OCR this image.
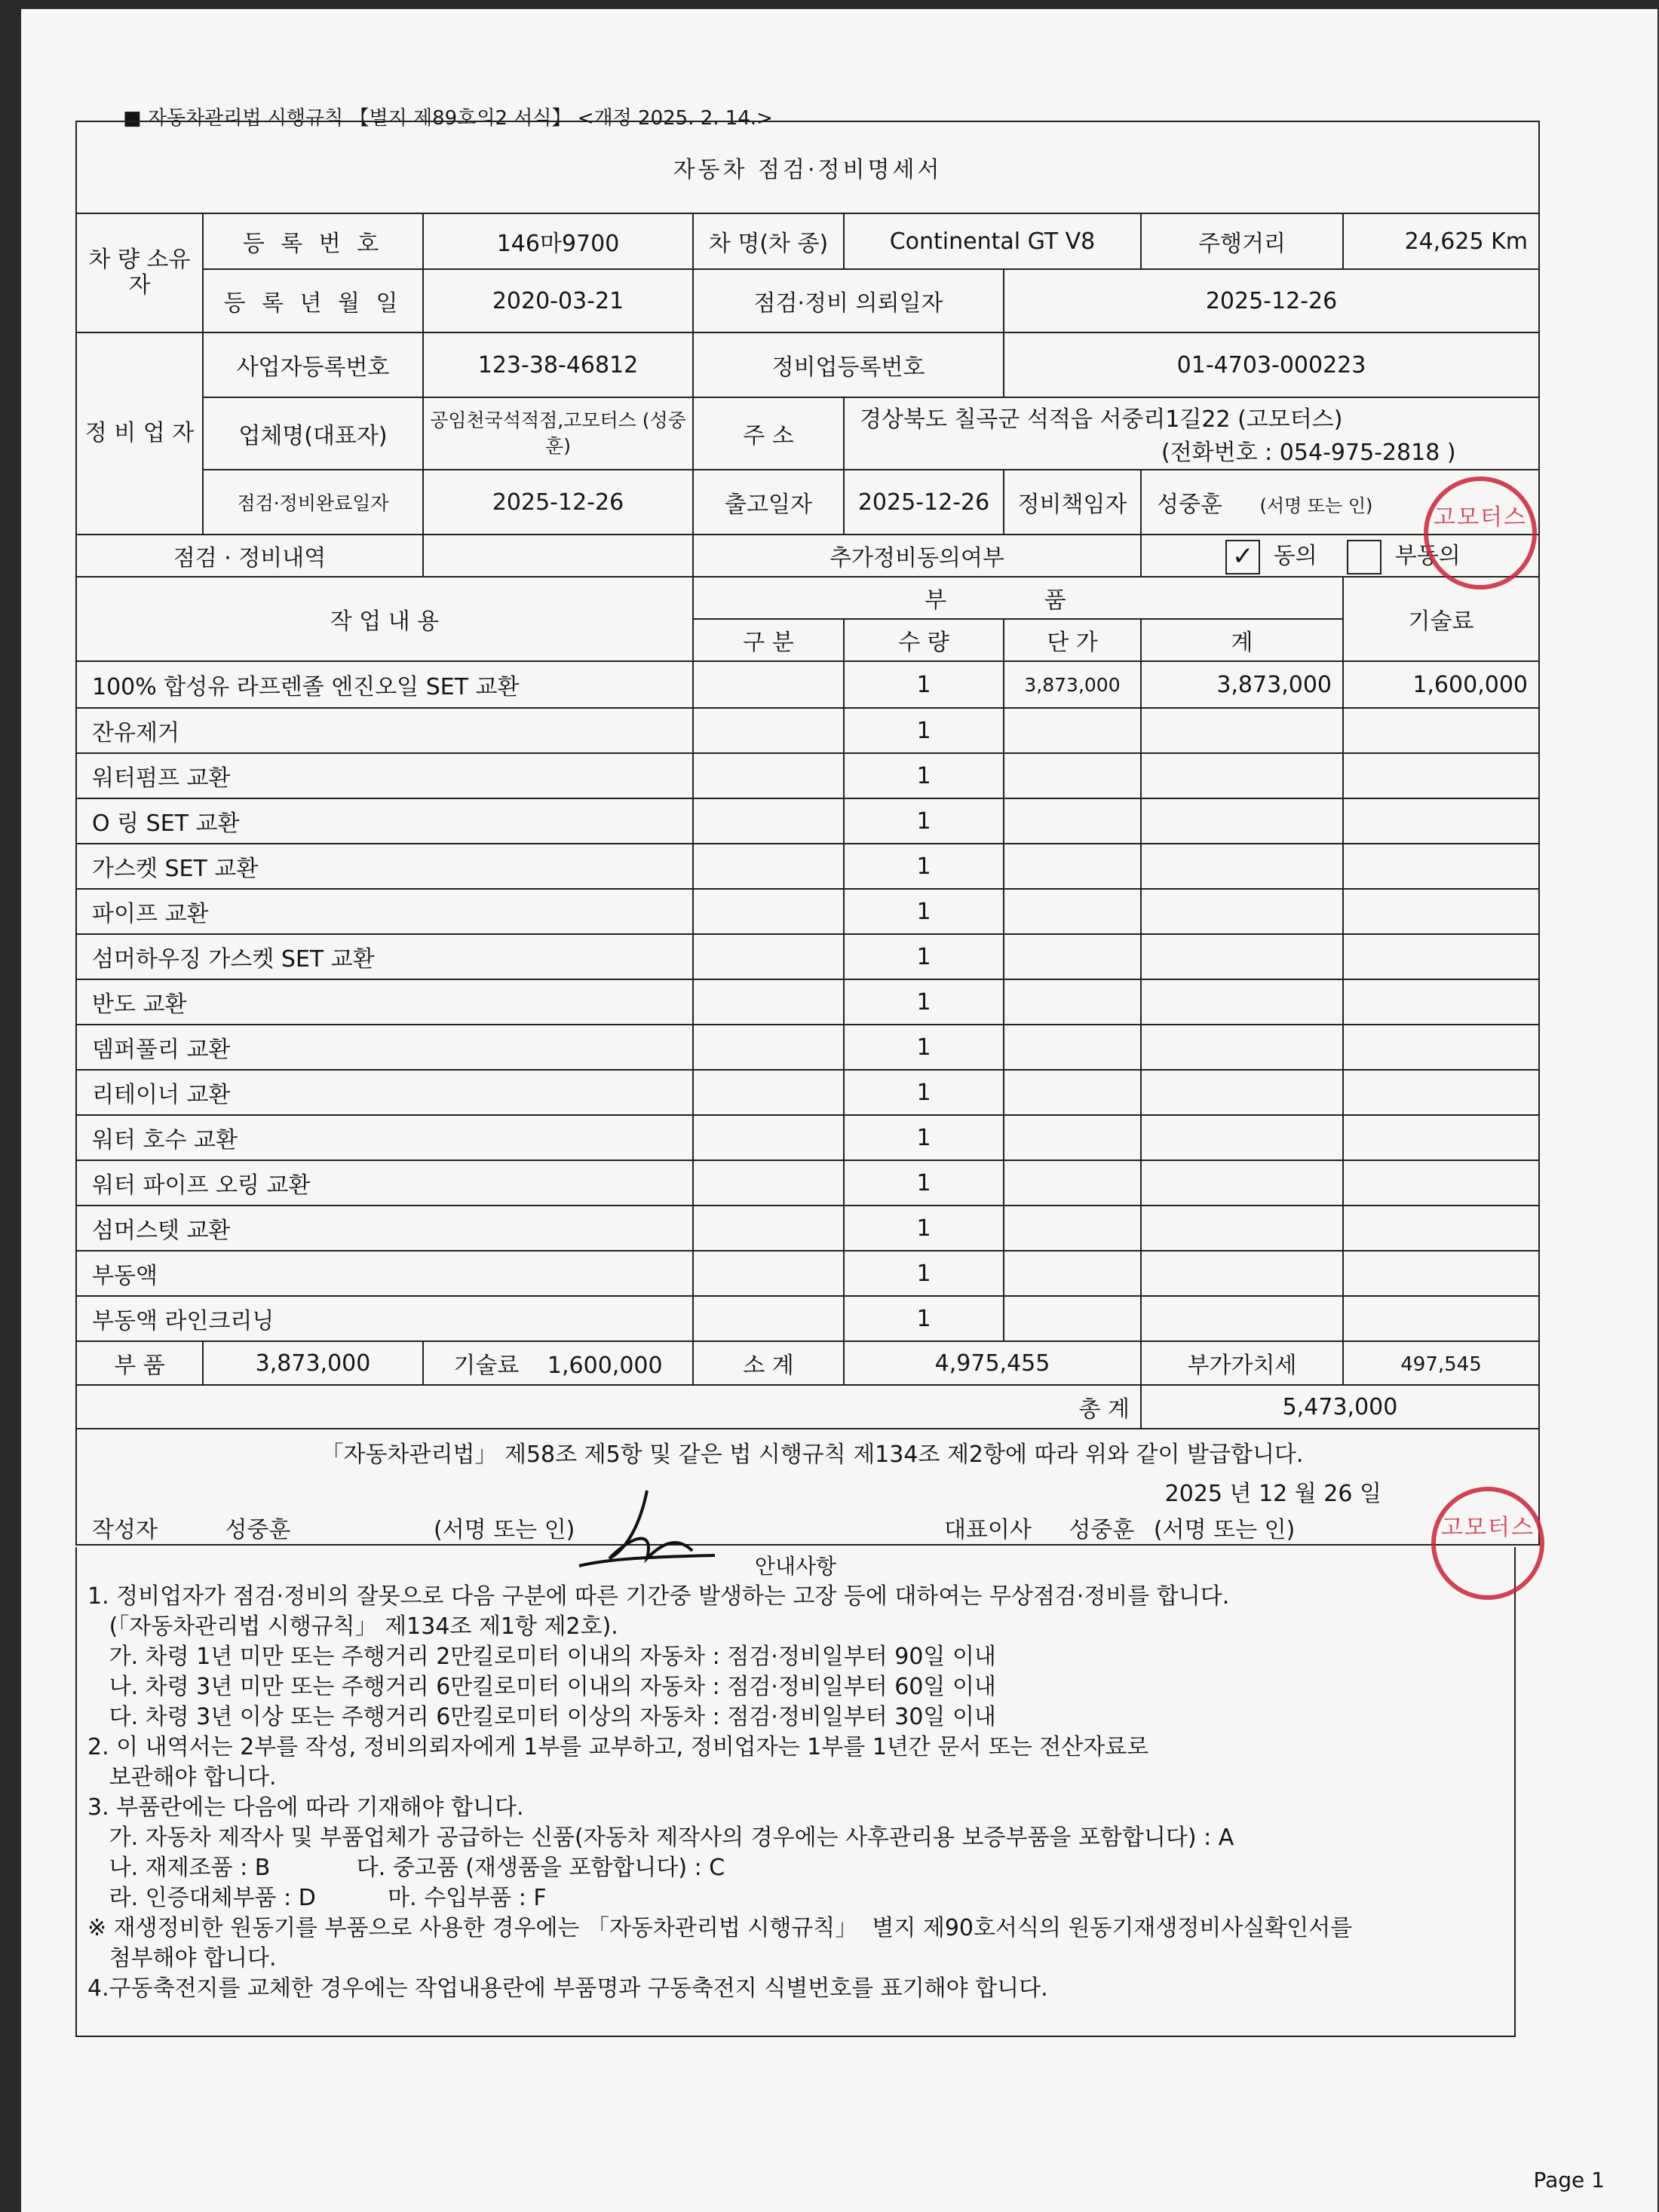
■ 자동차관리법 시행규칙 【별지 제89호의2 서식】 <개정 2025. 2. 14.>
자동차 점검·정비명세서							
차 량 소유자	등 록 번 호	146마9700	차 명(차 종)	Continental GT V8		주행거리	24,625 Km
	등 록 년 월 일	2020-03-21	점검·정비 의뢰일자		2025-12-26		
정 비 업 자	사업자등록번호	123-38-46812	정비업등록번호		01-4703-000223		
	업체명(대표자)	공임천국석적점,고모터스 (성중훈)	주 소	경상북도 칠곡군 석적읍 서중리1길22 (고모터스)
(전화번호 : 054-975-2818 )			

	점검·정비완료일자	2025-12-26	출고일자	2025-12-26	정비책임자	성중훈 (서명 또는 인)	
점검 · 정비내역			추가정비동의여부			✓ 동의 부동의	
작 업 내 용			부 품				기술료
			구 분	수 량	단 가	계	
100% 합성유 라프렌졸 엔진오일 SET 교환				1	3,873,000	3,873,000	1,600,000
잔유제거				1			
워터펌프 교환				1			
O 링 SET 교환				1			
가스켓 SET 교환				1			
파이프 교환				1			
섬머하우징 가스켓 SET 교환				1			
반도 교환				1			
뎀퍼풀리 교환				1			
리테이너 교환				1			
워터 호수 교환				1			
워터 파이프 오링 교환				1			
섬머스텟 교환				1			
부동액				1			
부동액 라인크리닝				1			
부 품	3,873,000	기술료 1,600,000	소 계	4,975,455		부가가치세	497,545
총 계						5,473,000	

「자동차관리법」 제58조 제5항 및 같은 법 시행규칙 제134조 제2항에 따라 위와 같이 발급합니다.
2025 년 12 월 26 일
작성자 성중훈 (서명 또는 인) 대표이사 성중훈 (서명 또는 인)							
안내사항
1. 정비업자가 점검·정비의 잘못으로 다음 구분에 따른 기간중 발생하는 고장 등에 대하여는 무상점검·정비를 합니다.
(「자동차관리법 시행규칙」 제134조 제1항 제2호).
가. 차령 1년 미만 또는 주행거리 2만킬로미터 이내의 자동차 : 점검·정비일부터 90일 이내
나. 차령 3년 미만 또는 주행거리 6만킬로미터 이내의 자동차 : 점검·정비일부터 60일 이내
다. 차령 3년 이상 또는 주행거리 6만킬로미터 이상의 자동차 : 점검·정비일부터 30일 이내
2. 이 내역서는 2부를 작성, 정비의뢰자에게 1부를 교부하고, 정비업자는 1부를 1년간 문서 또는 전산자료로
보관해야 합니다.
3. 부품란에는 다음에 따라 기재해야 합니다.
가. 자동차 제작사 및 부품업체가 공급하는 신품(자동차 제작사의 경우에는 사후관리용 보증부품을 포함합니다) : A
나. 재제조품 : B            다. 중고품 (재생품을 포함합니다) : C
라. 인증대체부품 : D          마. 수입부품 : F
※ 재생정비한 원동기를 부품으로 사용한 경우에는 「자동차관리법 시행규칙」  별지 제90호서식의 원동기재생정비사실확인서를
첨부해야 합니다.
4.구동축전지를 교체한 경우에는 작업내용란에 부품명과 구동축전지 식별번호를 표기해야 합니다.
고모터스
고모터스
Page 1
